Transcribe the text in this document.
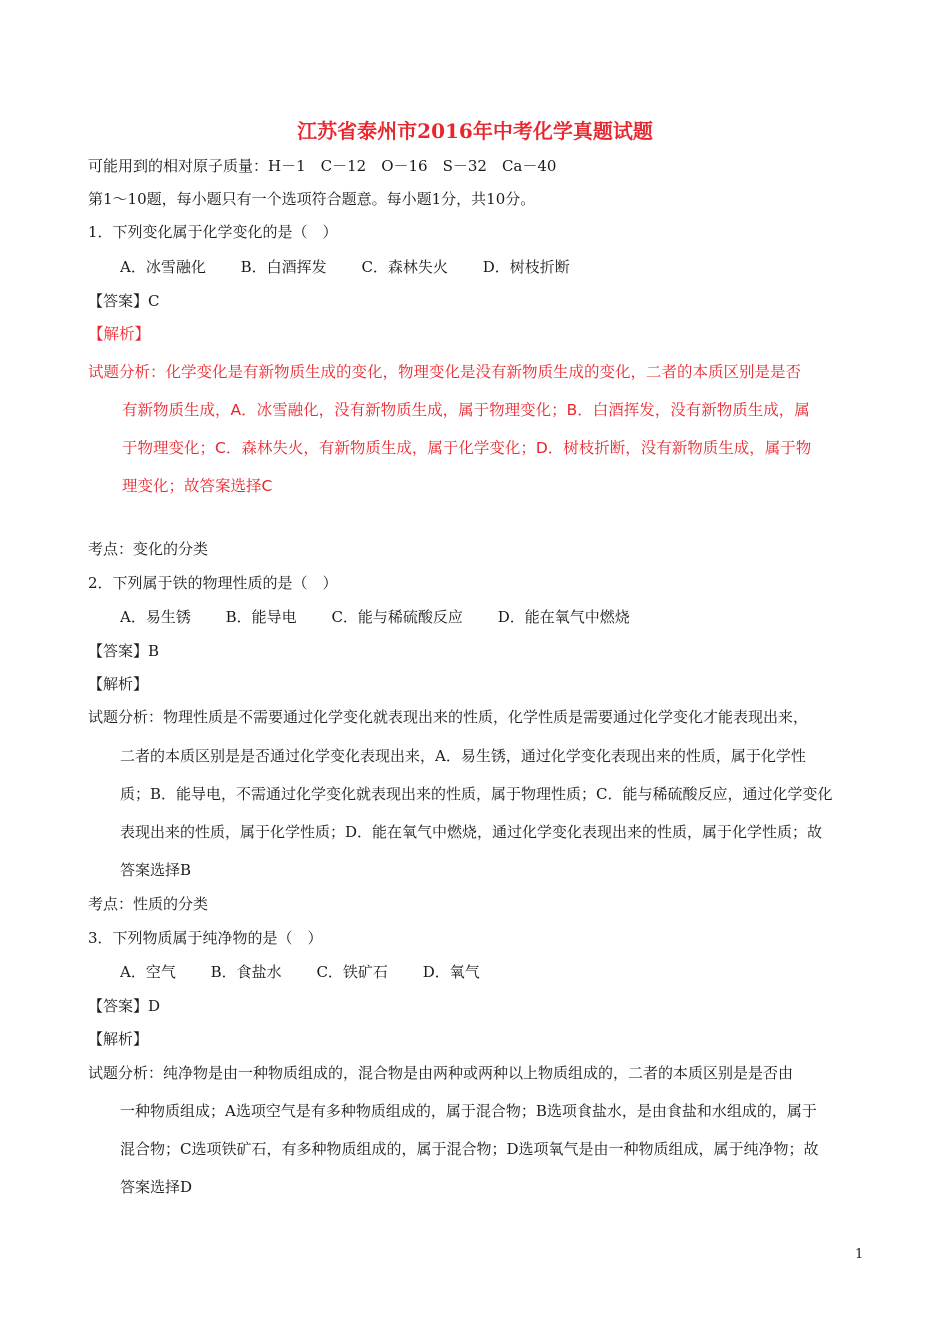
江苏省泰州市2016年中考化学真题试题
可能用到的相对原子质量：H－1　C－12　O－16　S－32　Ca－40
第1～10题，每小题只有一个选项符合题意。每小题1分，共10分。
1．下列变化属于化学变化的是（　）
A．冰雪融化 B．白酒挥发 C．森林失火 D．树枝折断
【答案】C
【解析】
试题分析：化学变化是有新物质生成的变化，物理变化是没有新物质生成的变化，二者的本质区别是是否
有新物质生成，A．冰雪融化，没有新物质生成，属于物理变化；B．白酒挥发，没有新物质生成，属
于物理变化；C．森林失火，有新物质生成，属于化学变化；D．树枝折断，没有新物质生成，属于物
理变化；故答案选择C
考点：变化的分类
2．下列属于铁的物理性质的是（　）
A．易生锈 B．能导电 C．能与稀硫酸反应 D．能在氧气中燃烧
【答案】B
【解析】
试题分析：物理性质是不需要通过化学变化就表现出来的性质，化学性质是需要通过化学变化才能表现出来，
二者的本质区别是是否通过化学变化表现出来，A．易生锈，通过化学变化表现出来的性质，属于化学性
质；B．能导电，不需通过化学变化就表现出来的性质，属于物理性质；C．能与稀硫酸反应，通过化学变化
表现出来的性质，属于化学性质；D．能在氧气中燃烧，通过化学变化表现出来的性质，属于化学性质；故
答案选择B
考点：性质的分类
3．下列物质属于纯净物的是（　）
A．空气 B．食盐水 C．铁矿石 D．氧气
【答案】D
【解析】
试题分析：纯净物是由一种物质组成的，混合物是由两种或两种以上物质组成的，二者的本质区别是是否由
一种物质组成；A选项空气是有多种物质组成的，属于混合物；B选项食盐水，是由食盐和水组成的，属于
混合物；C选项铁矿石，有多种物质组成的，属于混合物；D选项氧气是由一种物质组成，属于纯净物；故
答案选择D
1
